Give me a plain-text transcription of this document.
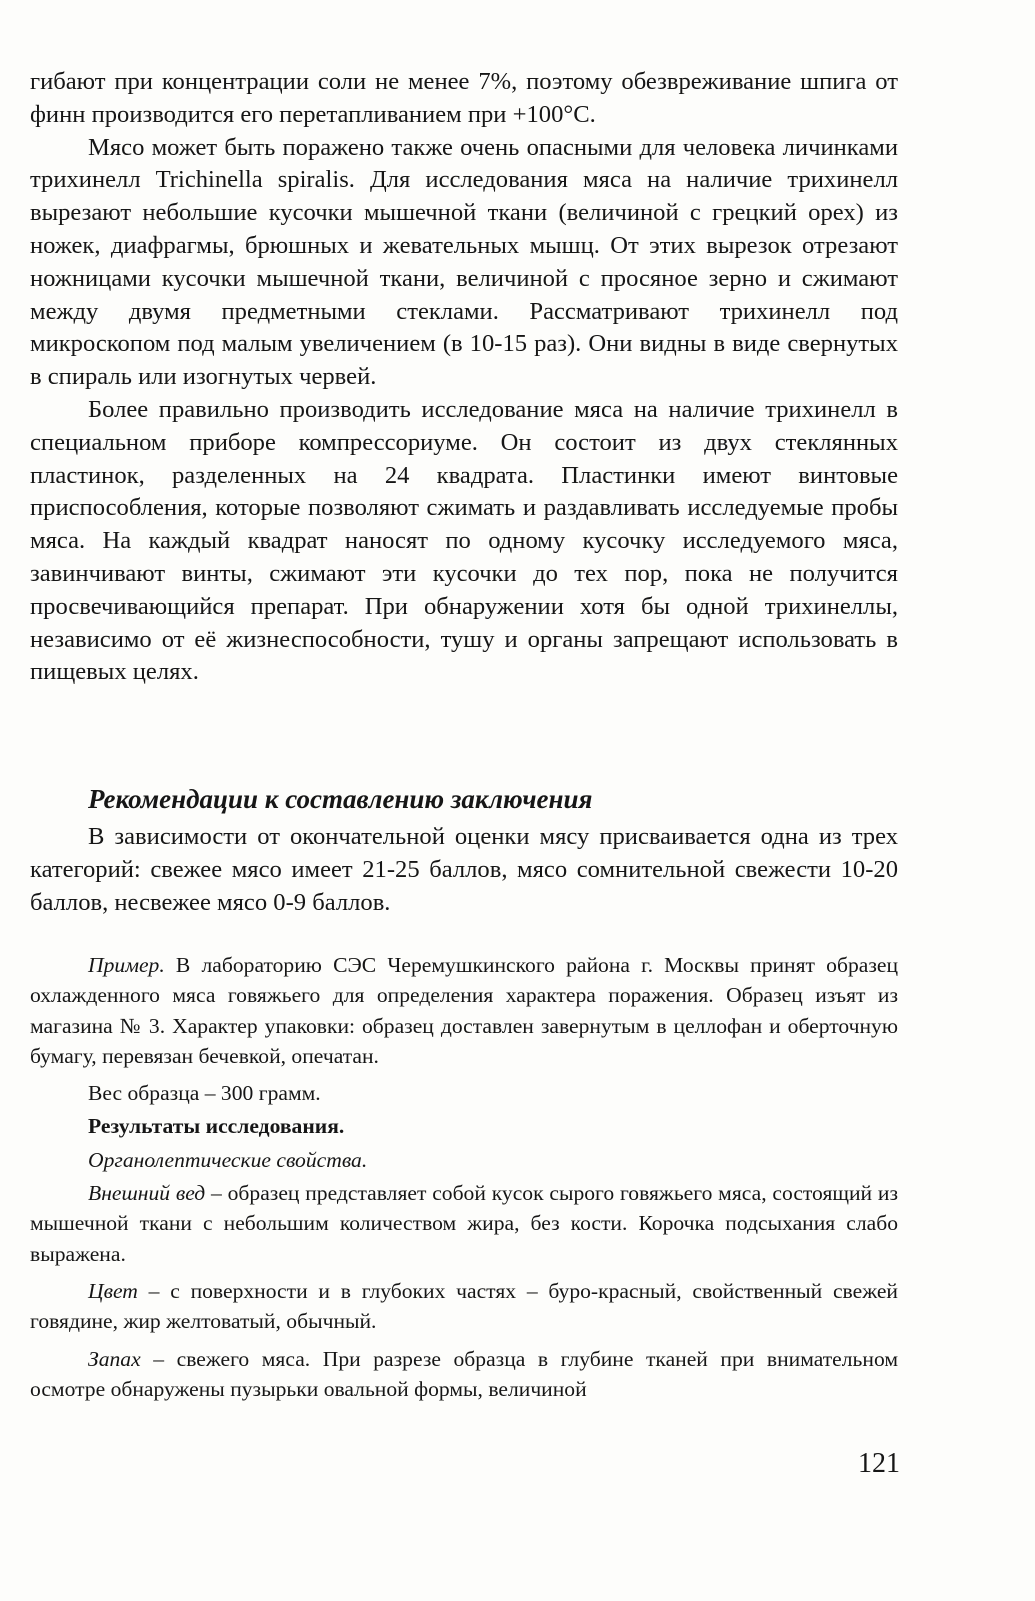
гибают при концентрации соли не менее 7%, поэтому обезвреживание шпига от финн производится его перетапливанием при +100°С.

Мясо может быть поражено также очень опасными для человека личинками трихинелл Trichinella spiralis. Для исследования мяса на наличие трихинелл вырезают небольшие кусочки мышечной ткани (величиной с грецкий орех) из ножек, диафрагмы, брюшных и жевательных мышц. От этих вырезок отрезают ножницами кусочки мышечной ткани, величиной с просяное зерно и сжимают между двумя предметными стеклами. Рассматривают трихинелл под микроскопом под малым увеличением (в 10-15 раз). Они видны в виде свернутых в спираль или изогнутых червей.

Более правильно производить исследование мяса на наличие трихинелл в специальном приборе компрессориуме. Он состоит из двух стеклянных пластинок, разделенных на 24 квадрата. Пластинки имеют винтовые приспособления, которые позволяют сжимать и раздавливать исследуемые пробы мяса. На каждый квадрат наносят по одному кусочку исследуемого мяса, завинчивают винты, сжимают эти кусочки до тех пор, пока не получится просвечивающийся препарат. При обнаружении хотя бы одной трихинеллы, независимо от её жизнеспособности, тушу и органы запрещают использовать в пищевых целях.

Рекомендации к составлению заключения

В зависимости от окончательной оценки мясу присваивается одна из трех категорий: свежее мясо имеет 21-25 баллов, мясо сомнительной свежести 10-20 баллов, несвежее мясо 0-9 баллов.

Пример. В лабораторию СЭС Черемушкинского района г. Москвы принят образец охлажденного мяса говяжьего для определения характера поражения. Образец изъят из магазина № 3. Характер упаковки: образец доставлен завернутым в целлофан и оберточную бумагу, перевязан бечевкой, опечатан.

Вес образца – 300 грамм.

Результаты исследования.

Органолептические свойства.

Внешний вед – образец представляет собой кусок сырого говяжьего мяса, состоящий из мышечной ткани с небольшим количеством жира, без кости. Корочка подсыхания слабо выражена.

Цвет – с поверхности и в глубоких частях – буро-красный, свойственный свежей говядине, жир желтоватый, обычный.

Запах – свежего мяса. При разрезе образца в глубине тканей при внимательном осмотре обнаружены пузырьки овальной формы, величиной

121
